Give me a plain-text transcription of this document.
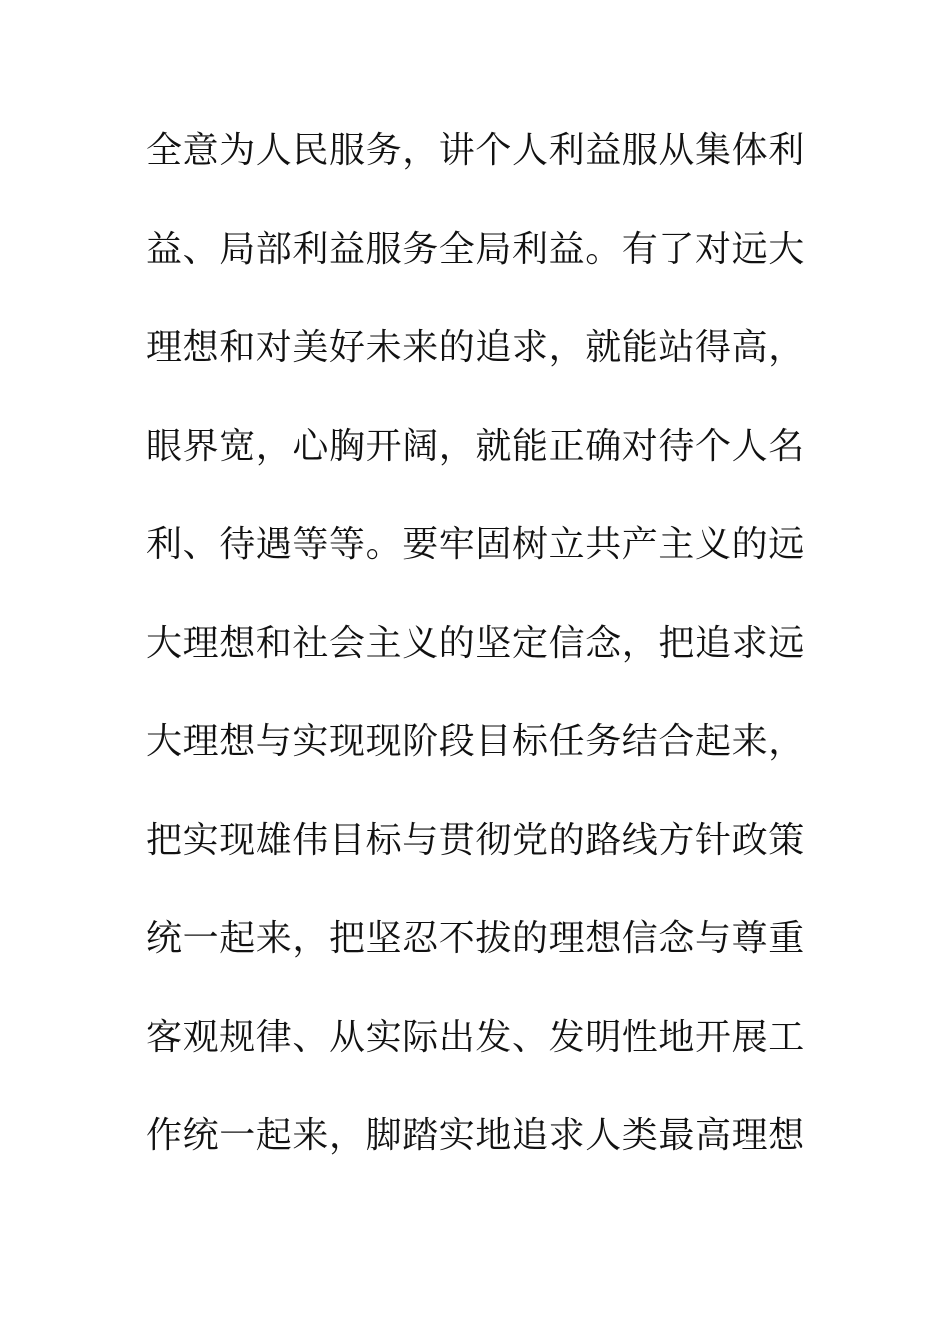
全意为人民服务，讲个人利益服从集体利
益、局部利益服务全局利益。有了对远大
理想和对美好未来的追求，就能站得高，
眼界宽，心胸开阔，就能正确对待个人名
利、待遇等等。要牢固树立共产主义的远
大理想和社会主义的坚定信念，把追求远
大理想与实现现阶段目标任务结合起来，
把实现雄伟目标与贯彻党的路线方针政策
统一起来，把坚忍不拔的理想信念与尊重
客观规律、从实际出发、发明性地开展工
作统一起来，脚踏实地追求人类最高理想
